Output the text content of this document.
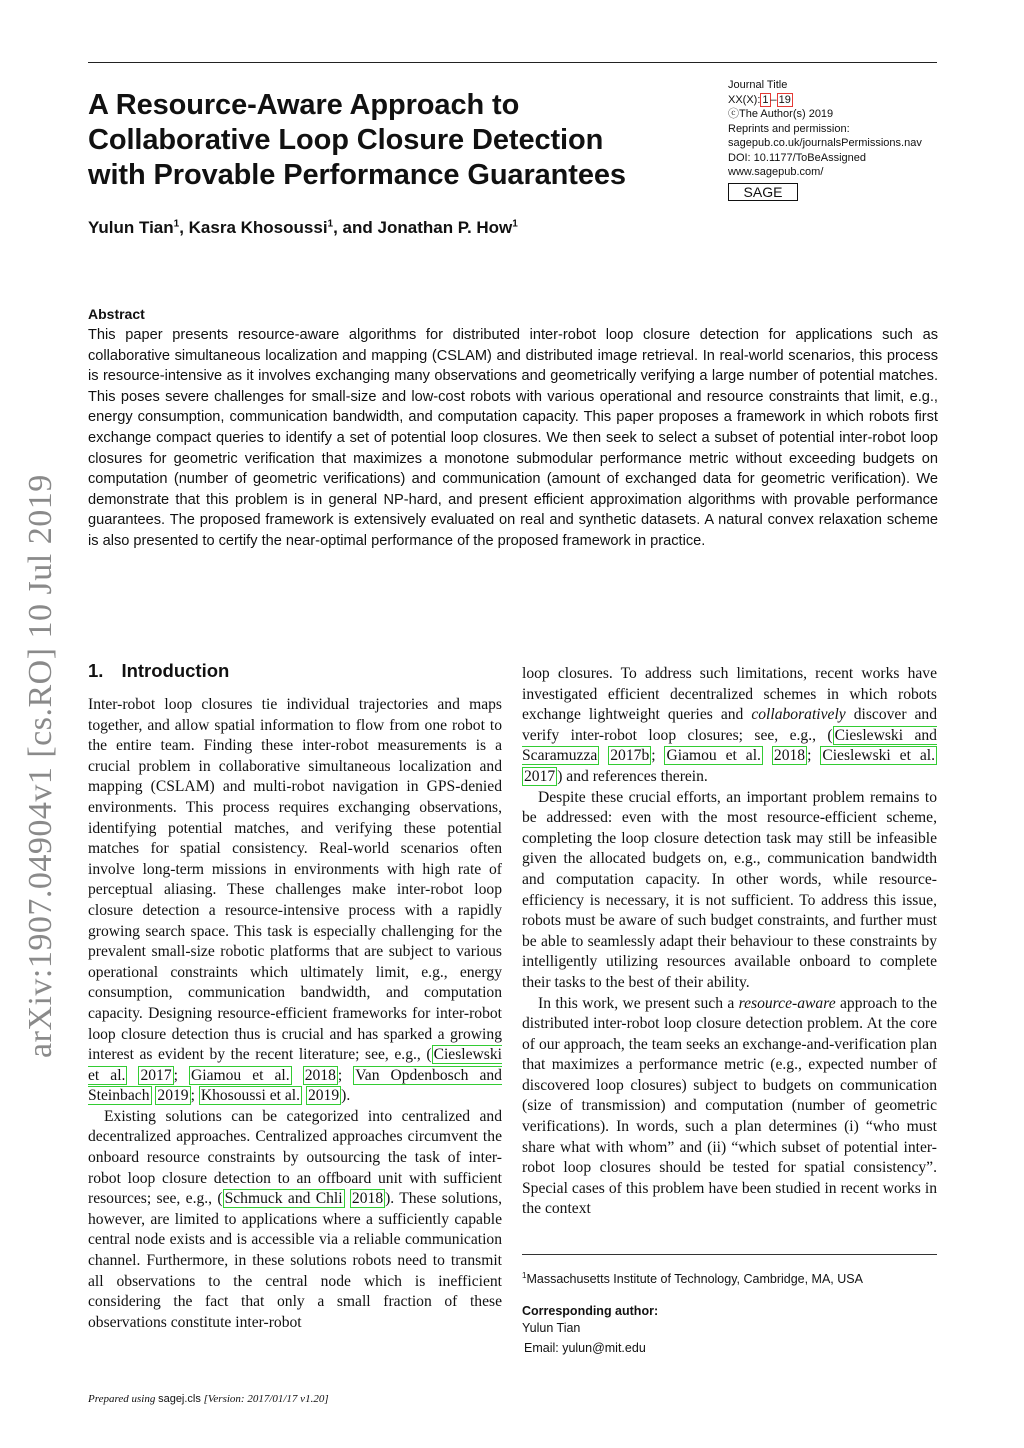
A Resource-Aware Approach to
Collaborative Loop Closure Detection
with Provable Performance Guarantees
Journal Title
XX(X): 1 – 19
ⓒThe Author(s) 2019
Reprints and permission:
sagepub.co.uk/journalsPermissions.nav
DOI: 10.1177/ToBeAssigned
www.sagepub.com/
SAGE
Yulun Tian$^1$, Kasra Khosoussi$^1$, and Jonathan P. How$^1$
Abstract

This paper presents resource-aware algorithms for distributed inter-robot loop closure detection for applications such as collaborative simultaneous localization and mapping (CSLAM) and distributed image retrieval. In real-world scenarios, this process is resource-intensive as it involves exchanging many observations and geometrically verifying a large number of potential matches. This poses severe challenges for small-size and low-cost robots with various operational and resource constraints that limit, e.g., energy consumption, communication bandwidth, and computation capacity. This paper proposes a framework in which robots first exchange compact queries to identify a set of potential loop closures. We then seek to select a subset of potential inter-robot loop closures for geometric verification that maximizes a monotone submodular performance metric without exceeding budgets on computation (number of geometric verifications) and communication (amount of exchanged data for geometric verification). We demonstrate that this problem is in general NP-hard, and present efficient approximation algorithms with provable performance guarantees. The proposed framework is extensively evaluated on real and synthetic datasets. A natural convex relaxation scheme is also presented to certify the near-optimal performance of the proposed framework in practice.

arXiv:1907.04904v1 [cs.RO] 10 Jul 2019 1. Introduction

Inter-robot loop closures tie individual trajectories and maps together, and allow spatial information to flow from one robot to the entire team. Finding these inter-robot measurements is a crucial problem in collaborative simultaneous localization and mapping (CSLAM) and multi-robot navigation in GPS-denied environments. This process requires exchanging observations, identifying potential matches, and verifying these potential matches for spatial consistency. Real-world scenarios often involve long-term missions in environments with high rate of perceptual aliasing. These challenges make inter-robot loop closure detection a resource-intensive process with a rapidly growing search space. This task is especially challenging for the prevalent small-size robotic platforms that are subject to various operational constraints which ultimately limit, e.g., energy consumption, communication bandwidth, and computation capacity. Designing resource-efficient frameworks for inter-robot loop closure detection thus is crucial and has sparked a growing interest as evident by the recent literature; see, e.g., ( Cieslewski et al. 2017 ; Giamou et al. 2018 ; Van Opdenbosch and Steinbach 2019 ; Khosoussi et al. 2019 ).

Existing solutions can be categorized into centralized and decentralized approaches. Centralized approaches circumvent the onboard resource constraints by outsourcing the task of inter-robot loop closure detection to an offboard unit with sufficient resources; see, e.g., ( Schmuck and Chli 2018 ). These solutions, however, are limited to applications where a sufficiently capable central node exists and is accessible via a reliable communication channel. Furthermore, in these solutions robots need to transmit all observations to the central node which is inefficient considering the fact that only a small fraction of these observations constitute inter-robot

loop closures. To address such limitations, recent works have investigated efficient decentralized schemes in which robots exchange lightweight queries and collaboratively discover and verify inter-robot loop closures; see, e.g., ( Cieslewski and Scaramuzza 2017b ; Giamou et al. 2018 ; Cieslewski et al. 2017 ) and references therein.

Despite these crucial efforts, an important problem remains to be addressed: even with the most resource-efficient scheme, completing the loop closure detection task may still be infeasible given the allocated budgets on, e.g., communication bandwidth and computation capacity. In other words, while resource-efficiency is necessary, it is not sufficient. To address this issue, robots must be aware of such budget constraints, and further must be able to seamlessly adapt their behaviour to these constraints by intelligently utilizing resources available onboard to complete their tasks to the best of their ability.

In this work, we present such a resource-aware approach to the distributed inter-robot loop closure detection problem. At the core of our approach, the team seeks an exchange-and-verification plan that maximizes a performance metric (e.g., expected number of discovered loop closures) subject to budgets on communication (size of transmission) and computation (number of geometric verifications). In words, such a plan determines (i) “who must share what with whom” and (ii) “which subset of potential inter-robot loop closures should be tested for spatial consistency”. Special cases of this problem have been studied in recent works in the context

$^1$Massachusetts Institute of Technology, Cambridge, MA, USA
Corresponding author:
Yulun Tian
Email: yulun@mit.edu
Prepared using sagej.cls [Version: 2017/01/17 v1.20]
